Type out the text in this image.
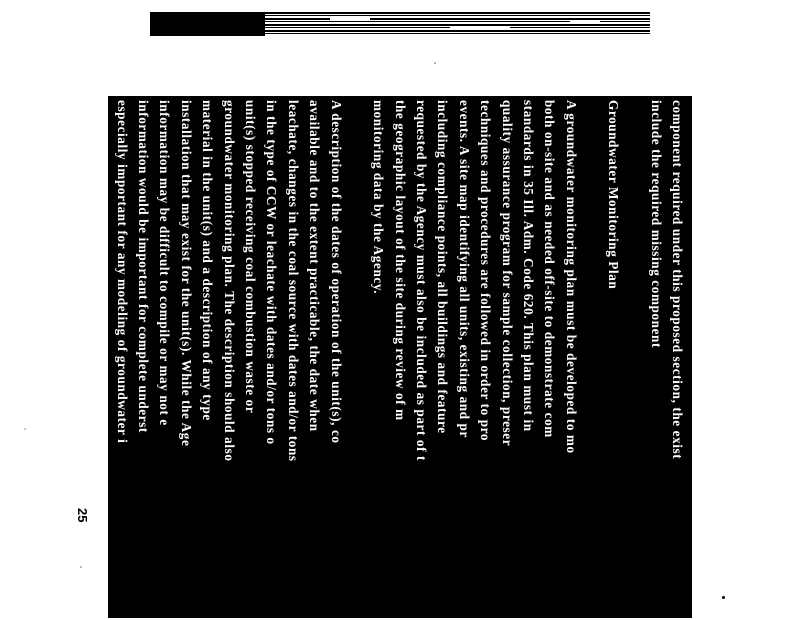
component required under this proposed section, the exist
include the required missing component
Groundwater Monitoring Plan
A groundwater monitoring plan must be developed to mo
both on-site and as needed off-site to demonstrate com
standards in 35 Ill. Adm. Code 620. This plan must in
quality assurance program for sample collection, preser
techniques and procedures are followed in order to pro
events. A site map identifying all units, existing and pr
including compliance points, all buildings and feature
requested by the Agency must also be included as part of t
the geographic layout of the site during review of m
monitoring data by the Agency.
A description of the dates of operation of the unit(s), co
available and to the extent practicable, the date when
leachate, changes in the coal source with dates and/or tons
in the type of CCW or leachate with dates and/or tons o
unit(s) stopped receiving coal combustion waste or
groundwater monitoring plan. The description should also
material in the unit(s) and a description of any type
installation that may exist for the unit(s). While the Age
information may be difficult to compile or may not e
information would be important for complete underst
especially important for any modeling of groundwater i
predictions of expected extent of any groundwater plume c
models generally require large amounts of input data. S
and input into a groundwater model of the site will yie
prediction of future conditions, as compared to input para
to a lack of site specific data.
25
